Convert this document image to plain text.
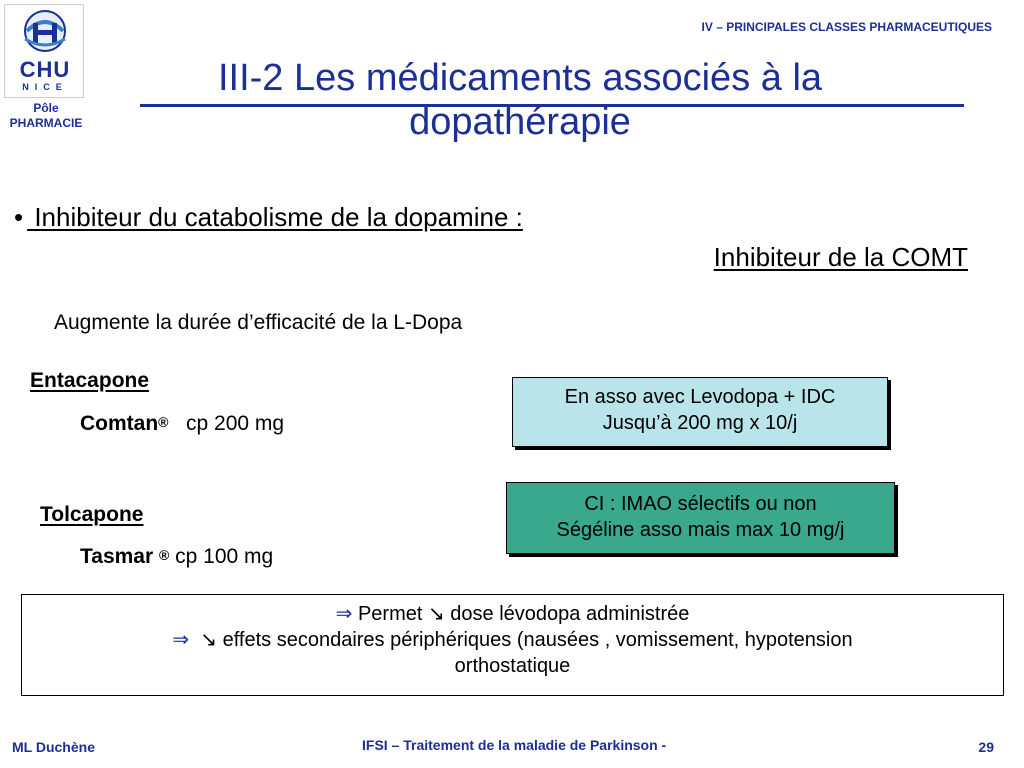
CHU
NICE
Pôle
PHARMACIE
IV – PRINCIPALES CLASSES PHARMACEUTIQUES
III-2 Les médicaments associés à la
dopathérapie
• Inhibiteur du catabolisme de la dopamine :
Inhibiteur de la COMT
Augmente la durée d’efficacité de la L-Dopa
Entacapone
Comtan® cp 200 mg
Tolcapone
Tasmar ® cp 100 mg
En asso avec Levodopa + IDC
Jusqu’à 200 mg x 10/j
CI : IMAO sélectifs ou non
Ségéline asso mais max 10 mg/j
⇒ Permet ↘ dose lévodopa administrée
⇒ ↘ effets secondaires périphériques (nausées , vomissement, hypotension
orthostatique
ML Duchène	IFSI – Traitement de la maladie de Parkinson -	29
